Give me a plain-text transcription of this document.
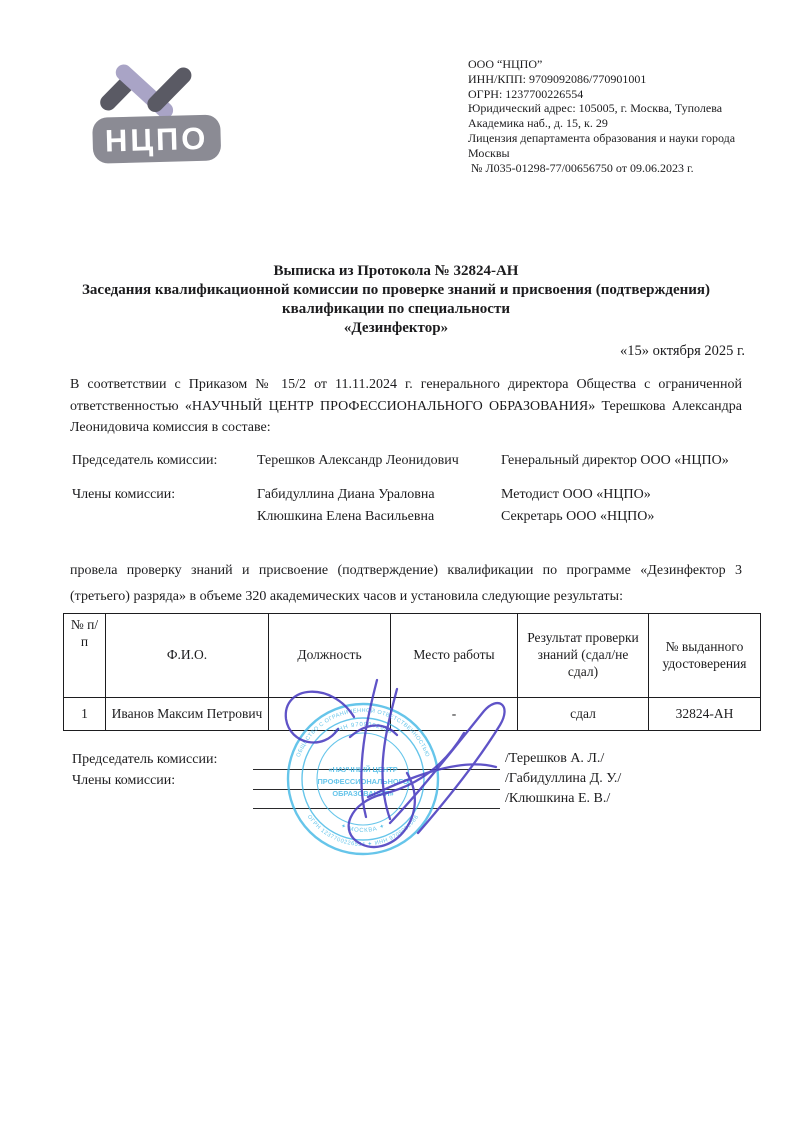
НЦПО
ООО “НЦПО”
ИНН/КПП: 9709092086/770901001
ОГРН: 1237700226554
Юридический адрес: 105005, г. Москва, Туполева
Академика наб., д. 15, к. 29
Лицензия департамента образования и науки города
Москвы
№ Л035-01298-77/00656750 от 09.06.2023 г.
Выписка из Протокола № 32824-АН
Заседания квалификационной комиссии по проверке знаний и присвоения (подтверждения)
квалификации по специальности
«Дезинфектор»
«15» октября 2025 г.

В соответствии с Приказом № 15/2 от 11.11.2024 г. генерального директора Общества с ограниченной ответственностью «НАУЧНЫЙ ЦЕНТР ПРОФЕССИОНАЛЬНОГО ОБРАЗОВАНИЯ» Терешкова Александра Леонидовича комиссия в составе:

Председатель комиссии:	Терешков Александр Леонидович	Генеральный директор ООО «НЦПО»
Члены комиссии:	Габидуллина Диана Ураловна	Методист ООО «НЦПО»
Клюшкина Елена Васильевна	Секретарь ООО «НЦПО»

провела проверку знаний и присвоение (подтверждение) квалификации по программе «Дезинфектор 3 (третьего) разряда» в объеме 320 академических часов и установила следующие результаты:

№ п/п	Ф.И.О.	Должность	Место работы	Результат проверки знаний (сдал/не сдал)	№ выданного удостоверения
1	Иванов Максим Петрович		-	сдал	32824-АН
Председатель комиссии:
Члены комиссии:
/Терешков А. Л./
/Габидуллина Д. У./
/Клюшкина Е. В./
ОБЩЕСТВО С ОГРАНИЧЕННОЙ ОТВЕТСТВЕННОСТЬЮ
ОГРН 1237700226554 ✦ ИНН 9709092086
ИНН 9709092086
✦ МОСКВА ✦
«НАУЧНЫЙ ЦЕНТР
ПРОФЕССИОНАЛЬНОГО
ОБРАЗОВАНИЯ»
